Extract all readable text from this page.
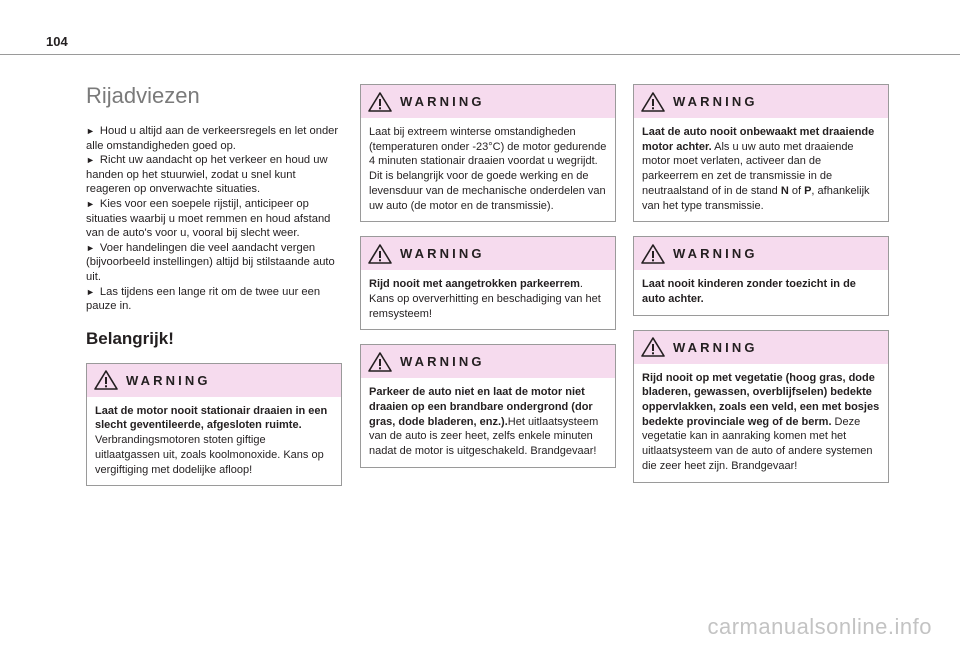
104
Rijadviezen
► Houd u altijd aan de verkeersregels en let onder alle omstandigheden goed op.
► Richt uw aandacht op het verkeer en houd uw handen op het stuurwiel, zodat u snel kunt reageren op onverwachte situaties.
► Kies voor een soepele rijstijl, anticipeer op situaties waarbij u moet remmen en houd afstand van de auto's voor u, vooral bij slecht weer.
► Voer handelingen die veel aandacht vergen (bijvoorbeeld instellingen) altijd bij stilstaande auto uit.
► Las tijdens een lange rit om de twee uur een pauze in.
Belangrijk!
WARNING
Laat de motor nooit stationair draaien in een slecht geventileerde, afgesloten ruimte. Verbrandingsmotoren stoten giftige uitlaatgassen uit, zoals koolmonoxide. Kans op vergiftiging met dodelijke afloop!
WARNING
Laat bij extreem winterse omstandigheden (temperaturen onder -23°C) de motor gedurende 4 minuten stationair draaien voordat u wegrijdt. Dit is belangrijk voor de goede werking en de levensduur van de mechanische onderdelen van uw auto (de motor en de transmissie).
WARNING
Rijd nooit met aangetrokken parkeerrem. Kans op oververhitting en beschadiging van het remsysteem!
WARNING
Parkeer de auto niet en laat de motor niet draaien op een brandbare ondergrond (dor gras, dode bladeren, enz.).Het uitlaatsysteem van de auto is zeer heet, zelfs enkele minuten nadat de motor is uitgeschakeld. Brandgevaar!
WARNING
Laat de auto nooit onbewaakt met draaiende motor achter. Als u uw auto met draaiende motor moet verlaten, activeer dan de parkeerrem en zet de transmissie in de neutraalstand of in de stand N of P, afhankelijk van het type transmissie.
WARNING
Laat nooit kinderen zonder toezicht in de auto achter.
WARNING
Rijd nooit op met vegetatie (hoog gras, dode bladeren, gewassen, overblijfselen) bedekte oppervlakken, zoals een veld, een met bosjes bedekte provinciale weg of de berm. Deze vegetatie kan in aanraking komen met het uitlaatsysteem van de auto of andere systemen die zeer heet zijn. Brandgevaar!
carmanualsonline.info
